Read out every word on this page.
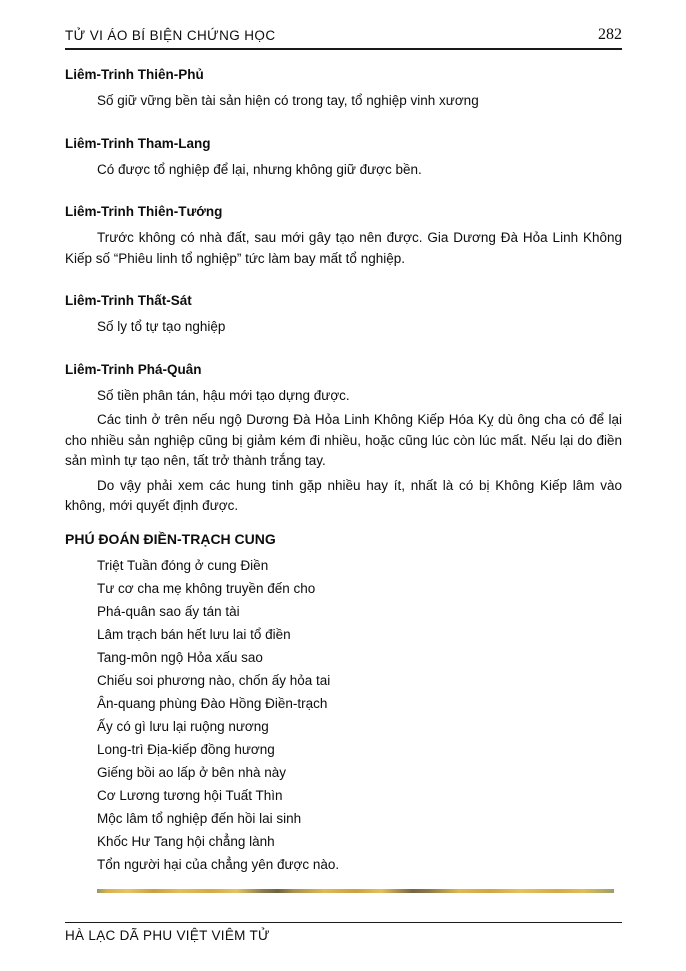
TỬ VI ÁO BÍ BIỆN CHỨNG HỌC	282
Liêm-Trinh Thiên-Phủ

Số giữ vững bền tài sản hiện có trong tay, tổ nghiệp vinh xương

Liêm-Trinh Tham-Lang

Có được tổ nghiệp để lại, nhưng không giữ được bền.

Liêm-Trinh Thiên-Tướng

Trước không có nhà đất, sau mới gây tạo nên được. Gia Dương Đà Hỏa Linh Không Kiếp số “Phiêu linh tổ nghiệp” tức làm bay mất tổ nghiệp.

Liêm-Trinh Thất-Sát

Số ly tổ tự tạo nghiệp

Liêm-Trinh Phá-Quân

Số tiền phân tán, hậu mới tạo dựng được.

Các tinh ở trên nếu ngộ Dương Đà Hỏa Linh Không Kiếp Hóa Kỵ dù ông cha có để lại cho nhiều sản nghiệp cũng bị giảm kém đi nhiều, hoặc cũng lúc còn lúc mất. Nếu lại do điền sản mình tự tạo nên, tất trở thành trắng tay.

Do vậy phải xem các hung tinh gặp nhiều hay ít, nhất là có bị Không Kiếp lâm vào không, mới quyết định được.

PHÚ ĐOÁN ĐIỀN-TRẠCH CUNG

Triệt Tuần đóng ở cung Điền

Tư cơ cha mẹ không truyền đến cho

Phá-quân sao ấy tán tài

Lâm trạch bán hết lưu lai tổ điền

Tang-môn ngộ Hỏa xấu sao

Chiếu soi phương nào, chốn ấy hỏa tai

Ân-quang phùng Đào Hồng Điền-trạch

Ấy có gì lưu lại ruộng nương

Long-trì Địa-kiếp đồng hương

Giếng bồi ao lấp ở bên nhà này

Cơ Lương tương hội Tuất Thìn

Mộc lâm tổ nghiệp đến hồi lai sinh

Khốc Hư Tang hội chẳng lành

Tổn người hại của chẳng yên được nào.

HÀ LẠC DÃ PHU VIỆT VIÊM TỬ
